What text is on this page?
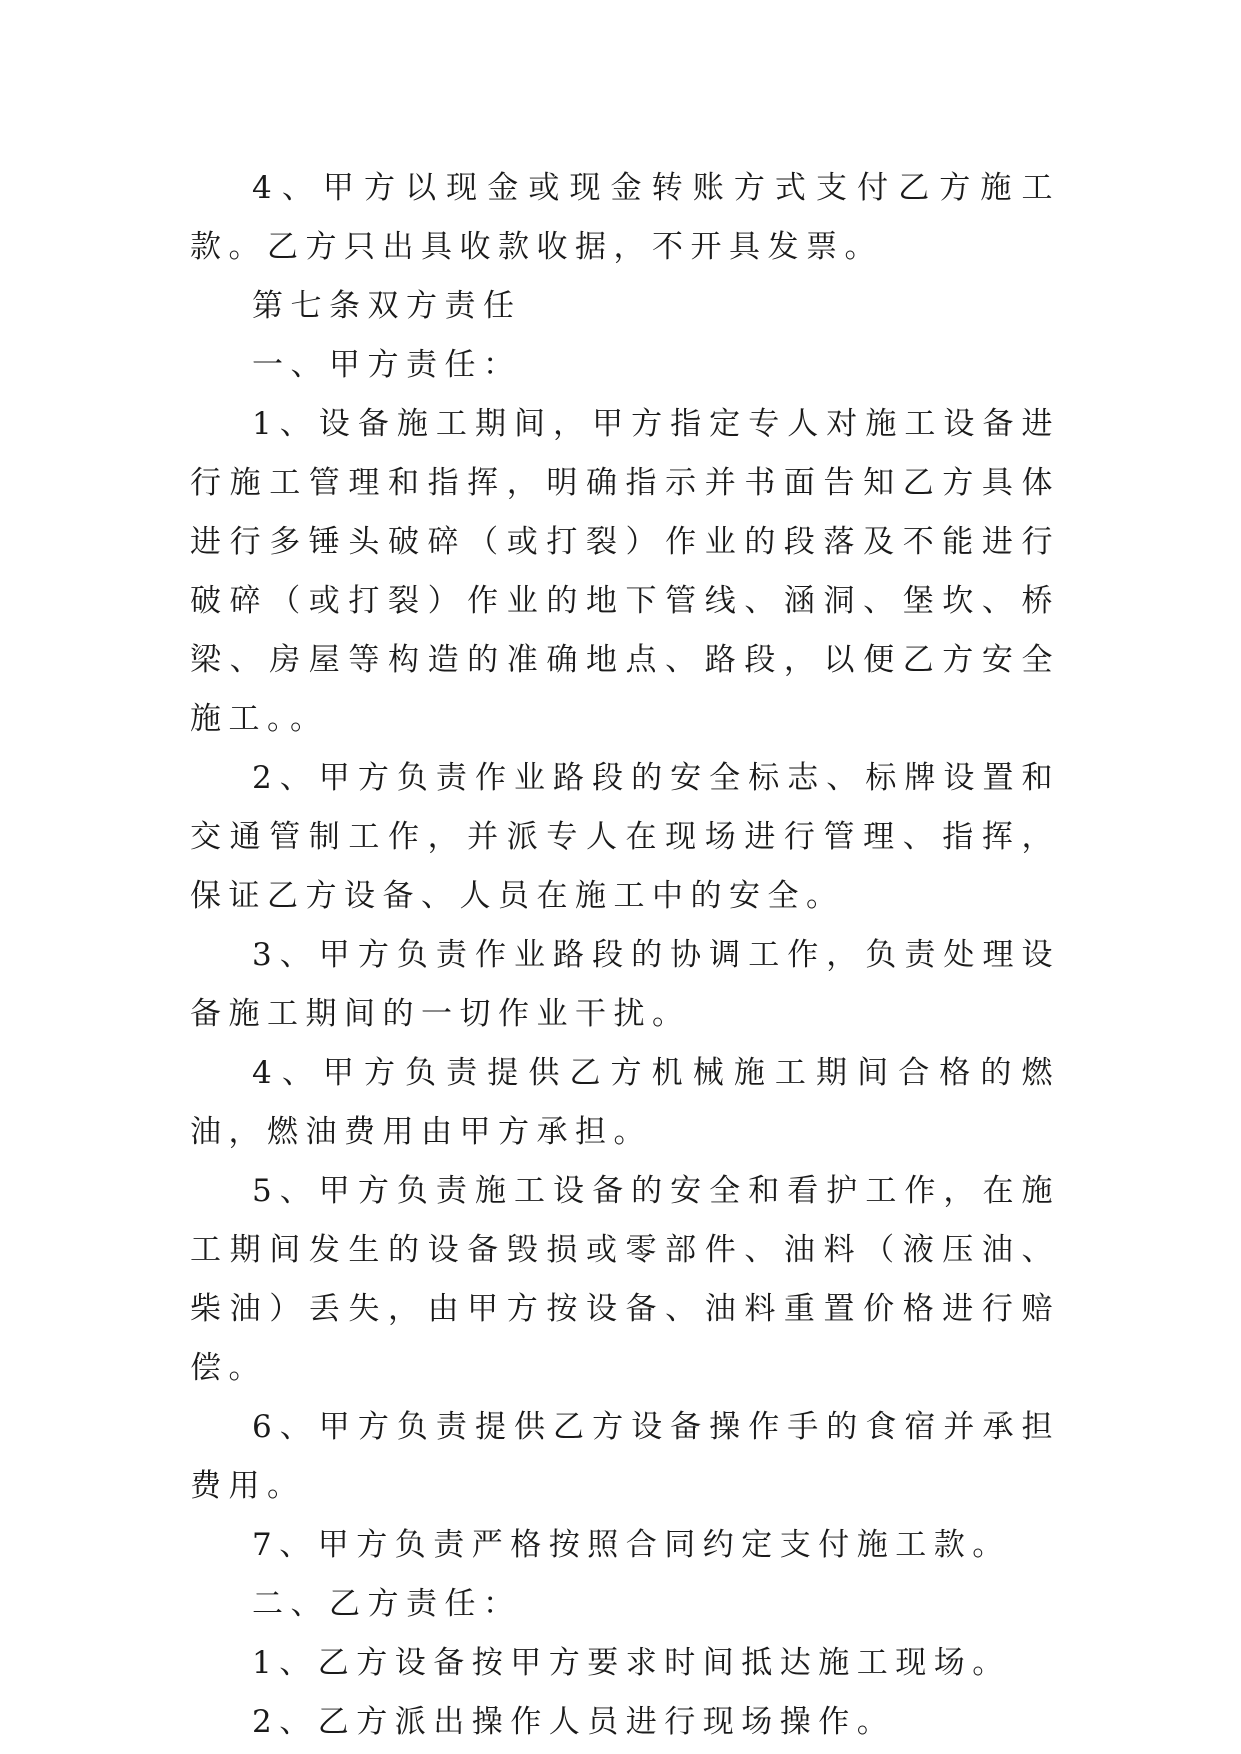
4、甲方以现金或现金转账方式支付乙方施工款。乙方只出具收款收据，不开具发票。

第七条双方责任

一、甲方责任：

1、设备施工期间，甲方指定专人对施工设备进行施工管理和指挥，明确指示并书面告知乙方具体进行多锤头破碎（或打裂）作业的段落及不能进行破碎（或打裂）作业的地下管线、涵洞、堡坎、桥梁、房屋等构造的准确地点、路段，以便乙方安全施工。。

2、甲方负责作业路段的安全标志、标牌设置和交通管制工作，并派专人在现场进行管理、指挥，保证乙方设备、人员在施工中的安全。

3、甲方负责作业路段的协调工作，负责处理设备施工期间的一切作业干扰。

4、甲方负责提供乙方机械施工期间合格的燃油，燃油费用由甲方承担。

5、甲方负责施工设备的安全和看护工作，在施工期间发生的设备毁损或零部件、油料（液压油、柴油）丢失，由甲方按设备、油料重置价格进行赔偿。

6、甲方负责提供乙方设备操作手的食宿并承担费用。

7、甲方负责严格按照合同约定支付施工款。

二、乙方责任：

1、乙方设备按甲方要求时间抵达施工现场。

2、乙方派出操作人员进行现场操作。
